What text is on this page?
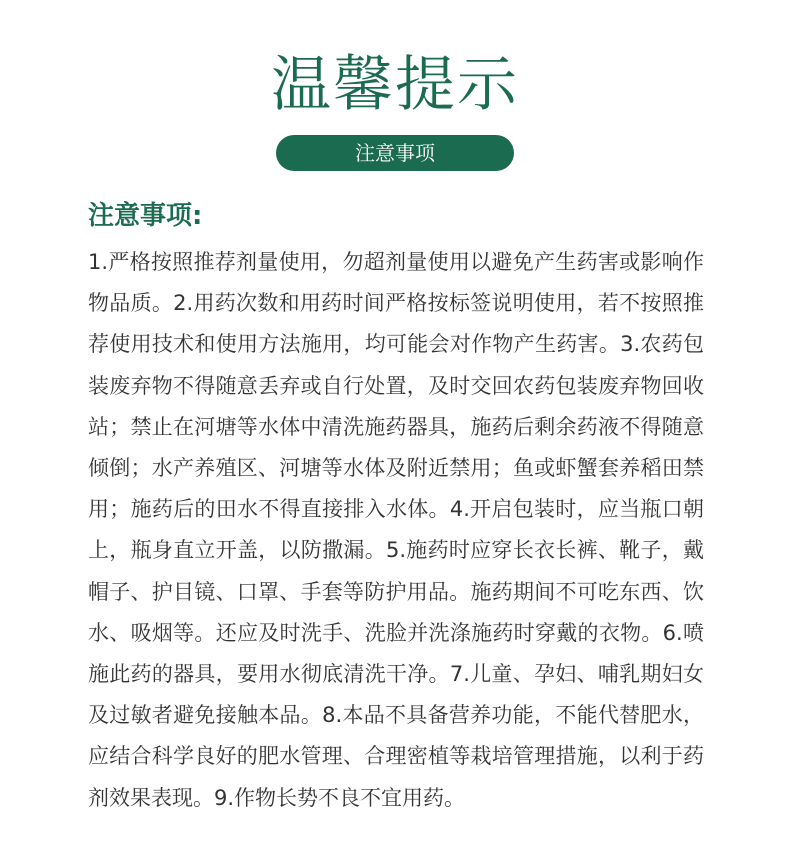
温馨提示
注意事项
注意事项:

1.严格按照推荐剂量使用，勿超剂量使用以避免产生药害或影响作物品质。2.用药次数和用药时间严格按标签说明使用，若不按照推荐使用技术和使用方法施用，均可能会对作物产生药害。3.农药包装废弃物不得随意丢弃或自行处置，及时交回农药包装废弃物回收站；禁止在河塘等水体中清洗施药器具，施药后剩余药液不得随意倾倒；水产养殖区、河塘等水体及附近禁用；鱼或虾蟹套养稻田禁用；施药后的田水不得直接排入水体。4.开启包装时，应当瓶口朝上，瓶身直立开盖，以防撒漏。5.施药时应穿长衣长裤、靴子，戴帽子、护目镜、口罩、手套等防护用品。施药期间不可吃东西、饮水、吸烟等。还应及时洗手、洗脸并洗涤施药时穿戴的衣物。6.喷施此药的器具，要用水彻底清洗干净。7.儿童、孕妇、哺乳期妇女及过敏者避免接触本品。8.本品不具备营养功能，不能代替肥水，应结合科学良好的肥水管理、合理密植等栽培管理措施，以利于药剂效果表现。9.作物长势不良不宜用药。
